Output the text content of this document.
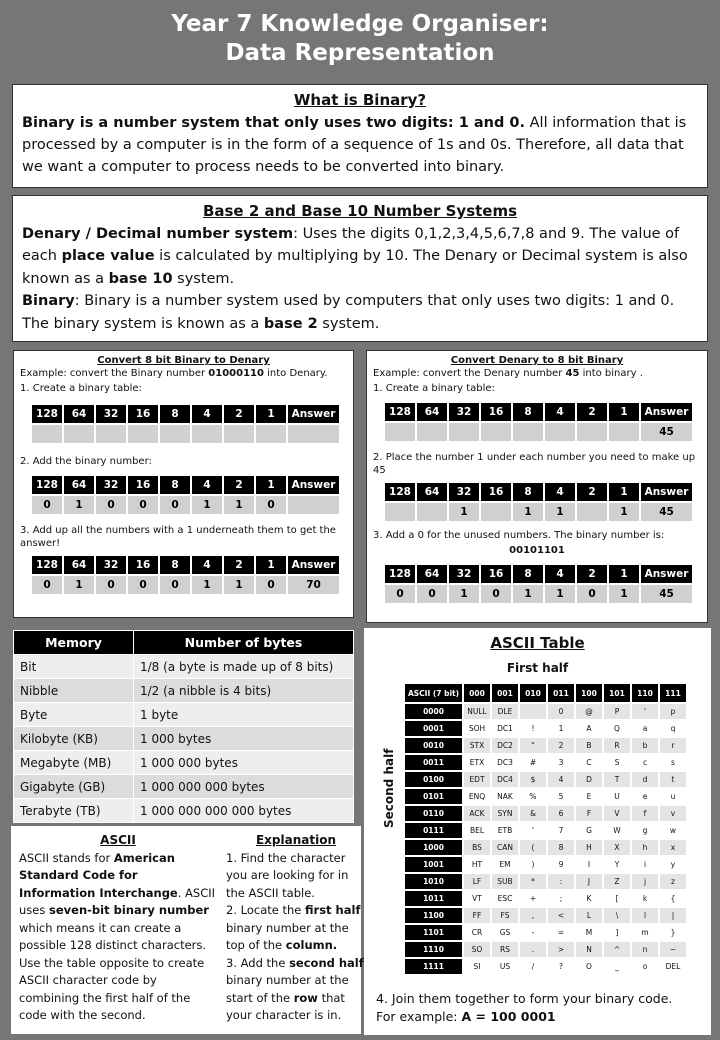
Year 7 Knowledge Organiser:
Data Representation
What is Binary?
Binary is a number system that only uses two digits: 1 and 0. All information that is processed by a computer is in the form of a sequence of 1s and 0s. Therefore, all data that we want a computer to process needs to be converted into binary.
Base 2 and Base 10 Number Systems
Denary / Decimal number system: Uses the digits 0,1,2,3,4,5,6,7,8 and 9. The value of each place value is calculated by multiplying by 10. The Denary or Decimal system is also known as a base 10 system.
Binary: Binary is a number system used by computers that only uses two digits: 1 and 0. The binary system is known as a base 2 system.
Convert 8 bit Binary to Denary
Example: convert the Binary number 01000110 into Denary.
1. Create a binary table:
128	64	32	16	8	4	2	1	Answer

2. Add the binary number:
128	64	32	16	8	4	2	1	Answer
0	1	0	0	0	1	1	0	
3. Add up all the numbers with a 1 underneath them to get the answer!
128	64	32	16	8	4	2	1	Answer
0	1	0	0	0	1	1	0	70
Convert Denary to 8 bit Binary
Example: convert the Denary number 45 into binary .
1. Create a binary table:
128	64	32	16	8	4	2	1	Answer
								45
2. Place the number 1 under each number you need to make up 45
128	64	32	16	8	4	2	1	Answer
		1		1	1		1	45
3. Add a 0 for the unused numbers. The binary number is:
00101101
128	64	32	16	8	4	2	1	Answer
0	0	1	0	1	1	0	1	45
Memory	Number of bytes
Bit	1/8 (a byte is made up of 8 bits)
Nibble	1/2 (a nibble is 4 bits)
Byte	1 byte
Kilobyte (KB)	1 000 bytes
Megabyte (MB)	1 000 000 bytes
Gigabyte (GB)	1 000 000 000 bytes
Terabyte (TB)	1 000 000 000 000 bytes
ASCII
ASCII stands for American Standard Code for Information Interchange. ASCII uses seven-bit binary number which means it can create a possible 128 distinct characters. Use the table opposite to create ASCII character code by combining the first half of the code with the second.
Explanation
1. Find the character you are looking for in the ASCII table.
2. Locate the first half binary number at the top of the column.
3. Add the second half binary number at the start of the row that your character is in.
ASCII Table
First half
Second half
ASCII (7 bit)	000	001	010	011	100	101	110	111
0000	NULL	DLE		0	@	P	‘	p
0001	SOH	DC1	!	1	A	Q	a	q
0010	STX	DC2	“	2	B	R	b	r
0011	ETX	DC3	#	3	C	S	c	s
0100	EDT	DC4	$	4	D	T	d	t
0101	ENQ	NAK	%	5	E	U	e	u
0110	ACK	SYN	&	6	F	V	f	v
0111	BEL	ETB	‘	7	G	W	g	w
1000	BS	CAN	(	8	H	X	h	x
1001	HT	EM	)	9	I	Y	i	y
1010	LF	SUB	*	:	J	Z	j	z
1011	VT	ESC	+	;	K	[	k	{
1100	FF	FS	,	<	L	\	l	|
1101	CR	GS	-	=	M	]	m	}
1110	SO	RS	.	>	N	^	n	~
1111	SI	US	/	?	O	_	o	DEL
4. Join them together to form your binary code.
For example: A = 100 0001
